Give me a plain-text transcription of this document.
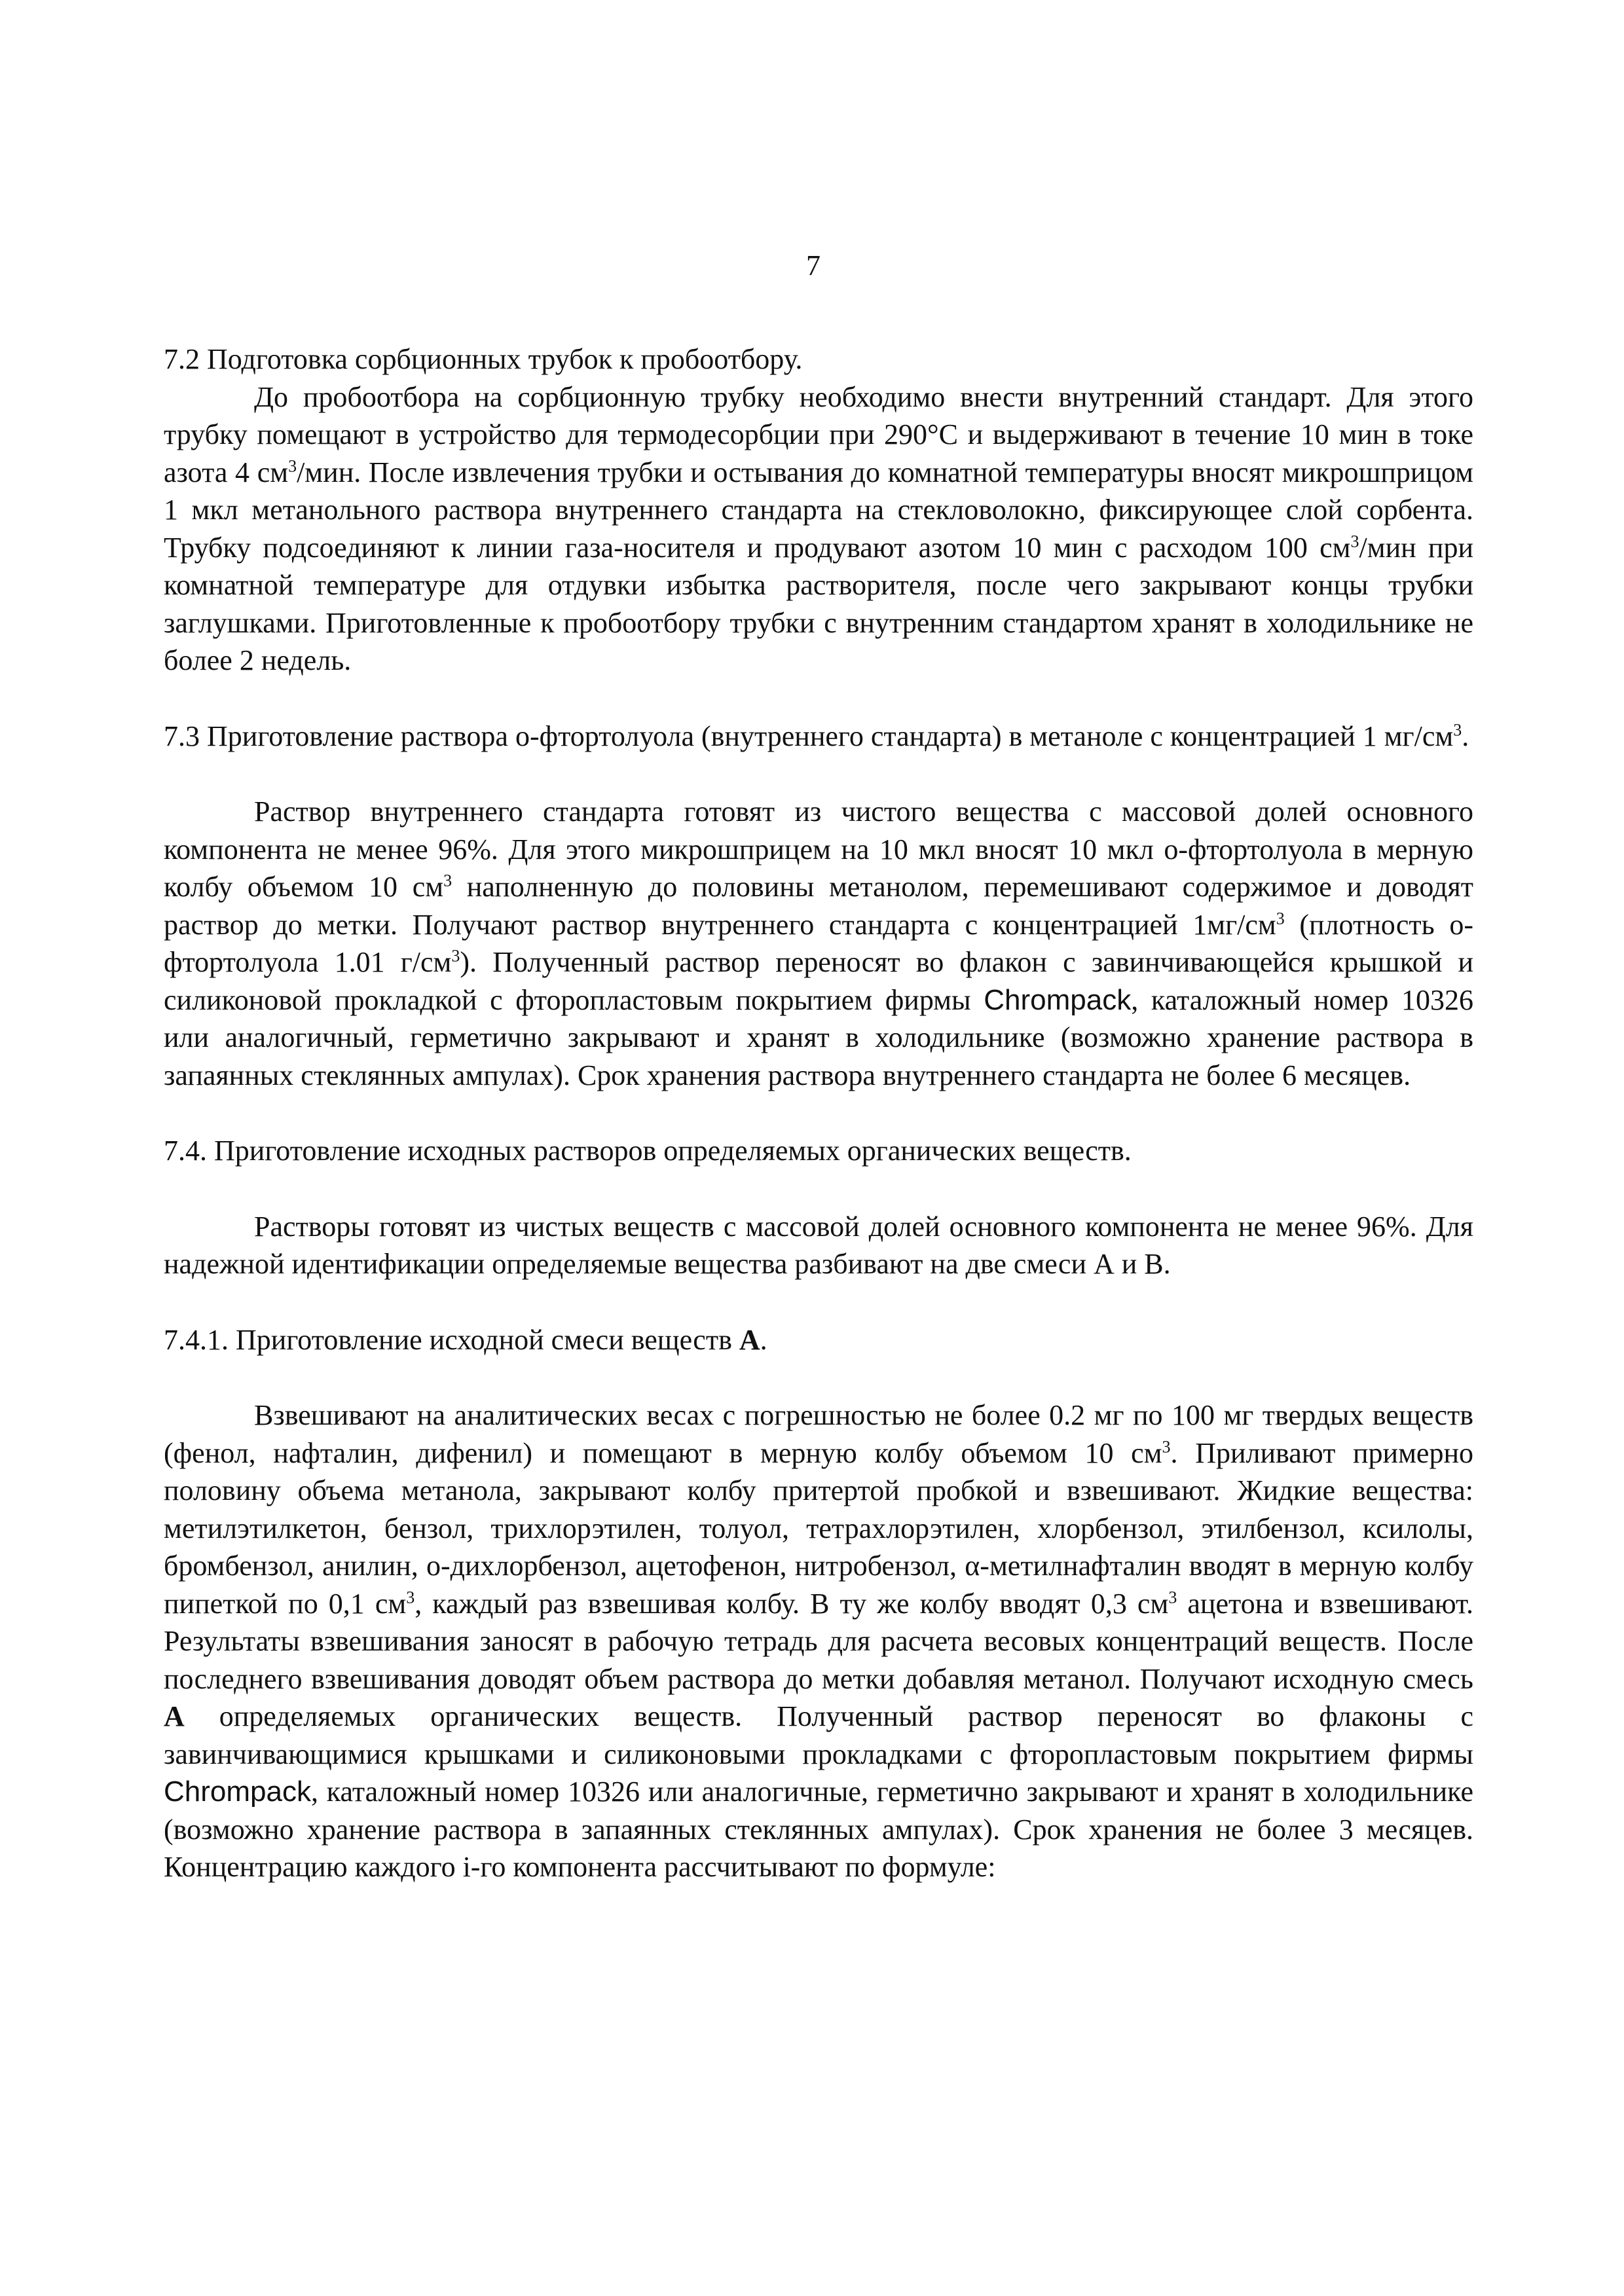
7

7.2 Подготовка сорбционных трубок к пробоотбору.

До пробоотбора на сорбционную трубку необходимо внести внутренний стандарт. Для этого трубку помещают в устройство для термодесорбции при 290°С и выдерживают в течение 10 мин в токе азота 4 $см^3$/мин. После извлечения трубки и остывания до комнатной температуры вносят микрошприцом 1 мкл метанольного раствора внутреннего стандарта на стекловолокно, фиксирующее слой сорбента. Трубку подсоединяют к линии газа-носителя и продувают азотом 10 мин с расходом 100 $см^3$/мин при комнатной температуре для отдувки избытка растворителя, после чего закрывают концы трубки заглушками. Приготовленные к пробоотбору трубки с внутренним стандартом хранят в холодильнике не более 2 недель.

7.3 Приготовление раствора о-фтортолуола (внутреннего стандарта) в метаноле с концентрацией 1 $мг/см^3$.

Раствор внутреннего стандарта готовят из чистого вещества с массовой долей основного компонента не менее 96%. Для этого микрошприцем на 10 мкл вносят 10 мкл о-фтортолуола в мерную колбу объемом 10 $см^3$ наполненную до половины метанолом, перемешивают содержимое и доводят раствор до метки. Получают раствор внутреннего стандарта с концентрацией $1мг/см^3$ (плотность о-фтортолуола 1.01 $г/см^3$). Полученный раствор переносят во флакон с завинчивающейся крышкой и силиконовой прокладкой с фторопластовым покрытием фирмы Chrompack, каталожный номер 10326 или аналогичный, герметично закрывают и хранят в холодильнике (возможно хранение раствора в запаянных стеклянных ампулах). Срок хранения раствора внутреннего стандарта не более 6 месяцев.

7.4. Приготовление исходных растворов определяемых органических веществ.

Растворы готовят из чистых веществ с массовой долей основного компонента не менее 96%. Для надежной идентификации определяемые вещества разбивают на две смеси А и В.

7.4.1. Приготовление исходной смеси веществ А.

Взвешивают на аналитических весах с погрешностью не более 0.2 мг по 100 мг твердых веществ (фенол, нафталин, дифенил) и помещают в мерную колбу объемом 10 $см^3$. Приливают примерно половину объема метанола, закрывают колбу притертой пробкой и взвешивают. Жидкие вещества: метилэтилкетон, бензол, трихлорэтилен, толуол, тетрахлорэтилен, хлорбензол, этилбензол, ксилолы, бромбензол, анилин, о-дихлорбензол, ацетофенон, нитробензол, α-метилнафталин вводят в мерную колбу пипеткой по 0,1 $см^3$, каждый раз взвешивая колбу. В ту же колбу вводят 0,3 $см^3$ ацетона и взвешивают. Результаты взвешивания заносят в рабочую тетрадь для расчета весовых концентраций веществ. После последнего взвешивания доводят объем раствора до метки добавляя метанол. Получают исходную смесь А определяемых органических веществ. Полученный раствор переносят во флаконы с завинчивающимися крышками и силиконовыми прокладками с фторопластовым покрытием фирмы Chrompack, каталожный номер 10326 или аналогичные, герметично закрывают и хранят в холодильнике (возможно хранение раствора в запаянных стеклянных ампулах). Срок хранения не более 3 месяцев. Концентрацию каждого i-го компонента рассчитывают по формуле:
